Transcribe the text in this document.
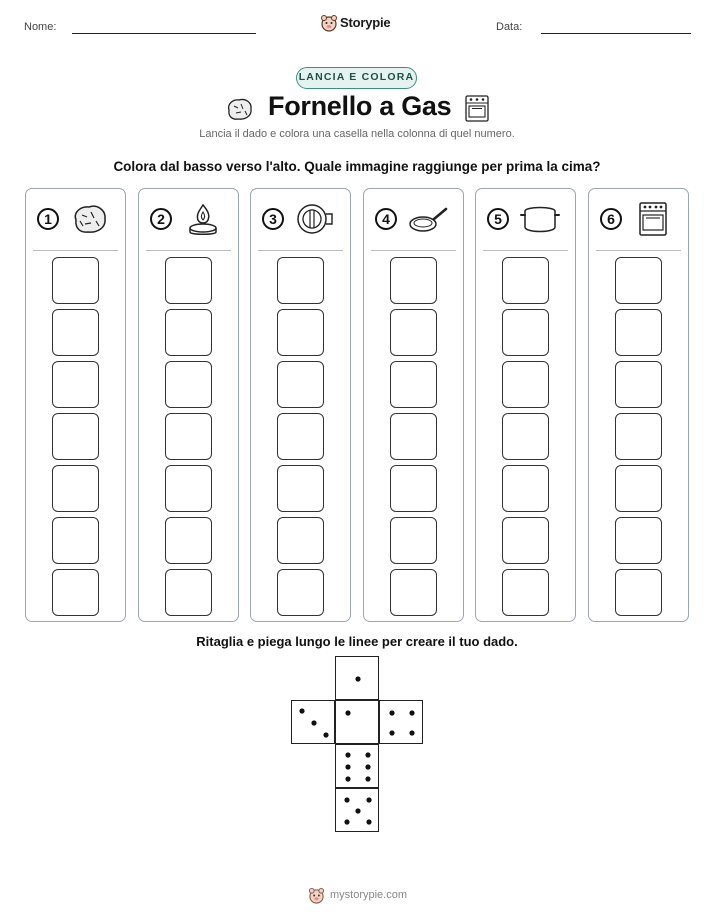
Nome:	Storypie	Data:
LANCIA E COLORA
Fornello a Gas
Lancia il dado e colora una casella nella colonna di quel numero.
Colora dal basso verso l'alto. Quale immagine raggiunge per prima la cima?
1	2	3	4	5	6
Ritaglia e piega lungo le linee per creare il tuo dado.
mystorypie.com
